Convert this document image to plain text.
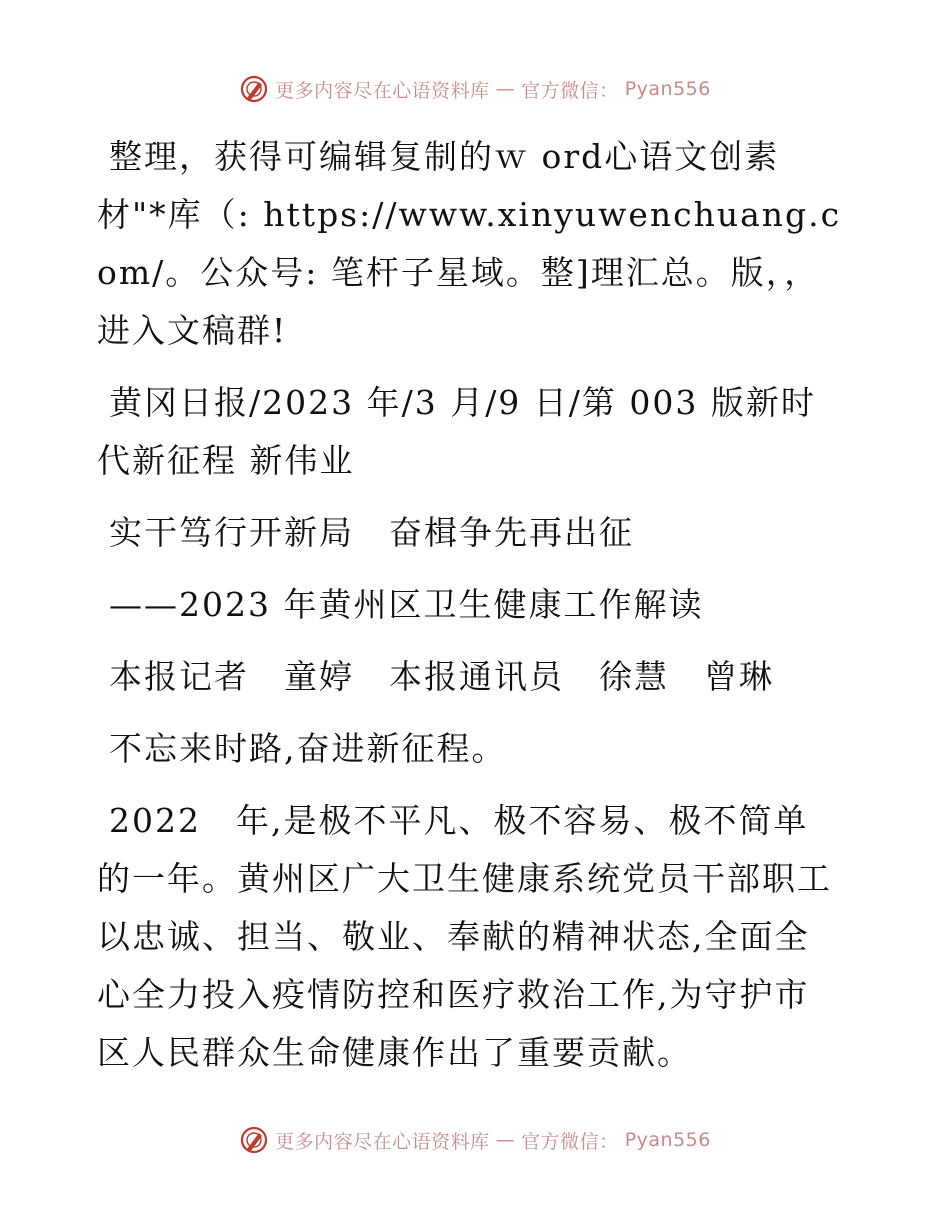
更多内容尽在心语资料库 — 官方微信： Pyan556

整理，获得可编辑复制的ｗ ord心语文创素材"*库（: https://www.xinyuwenchuang.com/。公众号: 笔杆子星域。整]理汇总。版，，进入文稿群!

黄冈日报/2023 年/3 月/9 日/第 003 版新时代新征程 新伟业

实干笃行开新局　奋楫争先再出征

——2023 年黄州区卫生健康工作解读

本报记者　童婷　本报通讯员　徐慧　曾琳

不忘来时路,奋进新征程。

2022　年,是极不平凡、极不容易、极不简单的一年。黄州区广大卫生健康系统党员干部职工以忠诚、担当、敬业、奉献的精神状态,全面全心全力投入疫情防控和医疗救治工作,为守护市区人民群众生命健康作出了重要贡献。

更多内容尽在心语资料库 — 官方微信： Pyan556
